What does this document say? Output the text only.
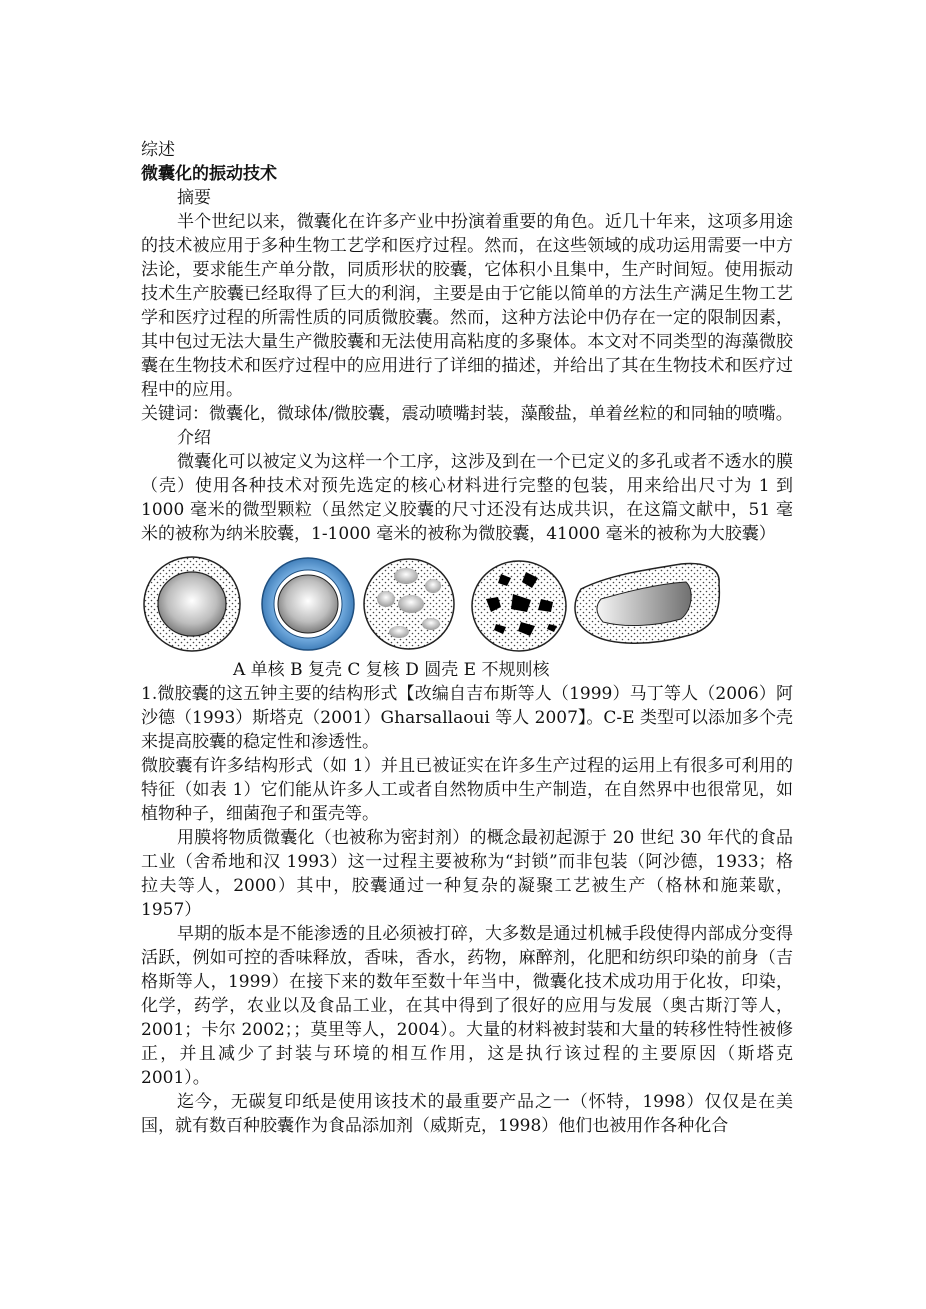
综述

微囊化的振动技术

摘要

半个世纪以来，微囊化在许多产业中扮演着重要的角色。近几十年来，这项多用途的技术被应用于多种生物工艺学和医疗过程。然而，在这些领域的成功运用需要一中方法论，要求能生产单分散，同质形状的胶囊，它体积小且集中，生产时间短。使用振动技术生产胶囊已经取得了巨大的利润，主要是由于它能以简单的方法生产满足生物工艺学和医疗过程的所需性质的同质微胶囊。然而，这种方法论中仍存在一定的限制因素，其中包过无法大量生产微胶囊和无法使用高粘度的多聚体。本文对不同类型的海藻微胶囊在生物技术和医疗过程中的应用进行了详细的描述，并给出了其在生物技术和医疗过程中的应用。

关键词：微囊化，微球体/微胶囊，震动喷嘴封装，藻酸盐，单着丝粒的和同轴的喷嘴。

介绍

微囊化可以被定义为这样一个工序，这涉及到在一个已定义的多孔或者不透水的膜（壳）使用各种技术对预先选定的核心材料进行完整的包装，用来给出尺寸为 1 到 1000 毫米的微型颗粒（虽然定义胶囊的尺寸还没有达成共识，在这篇文献中，51 毫米的被称为纳米胶囊，1-1000 毫米的被称为微胶囊，41000 毫米的被称为大胶囊）

A 单核 B 复壳 C 复核 D 圆壳 E 不规则核

1.微胶囊的这五钟主要的结构形式【改编自吉布斯等人（1999）马丁等人（2006）阿沙德（1993）斯塔克（2001）Gharsallaoui 等人 2007】。C-E 类型可以添加多个壳来提高胶囊的稳定性和渗透性。

微胶囊有许多结构形式（如 1）并且已被证实在许多生产过程的运用上有很多可利用的特征（如表 1）它们能从许多人工或者自然物质中生产制造，在自然界中也很常见，如植物种子，细菌孢子和蛋壳等。

用膜将物质微囊化（也被称为密封剂）的概念最初起源于 20 世纪 30 年代的食品工业（舍希地和汉 1993）这一过程主要被称为“封锁”而非包装（阿沙德，1933；格拉夫等人，2000）其中，胶囊通过一种复杂的凝聚工艺被生产（格林和施莱歇，1957）

早期的版本是不能渗透的且必须被打碎，大多数是通过机械手段使得内部成分变得活跃，例如可控的香味释放，香味，香水，药物，麻醉剂，化肥和纺织印染的前身（吉格斯等人，1999）在接下来的数年至数十年当中，微囊化技术成功用于化妆，印染，化学，药学，农业以及食品工业，在其中得到了很好的应用与发展（奥古斯汀等人，2001；卡尔 2002；；莫里等人，2004）。大量的材料被封装和大量的转移性特性被修正，并且减少了封装与环境的相互作用，这是执行该过程的主要原因（斯塔克 2001）。

迄今，无碳复印纸是使用该技术的最重要产品之一（怀特，1998）仅仅是在美国，就有数百种胶囊作为食品添加剂（威斯克，1998）他们也被用作各种化合
